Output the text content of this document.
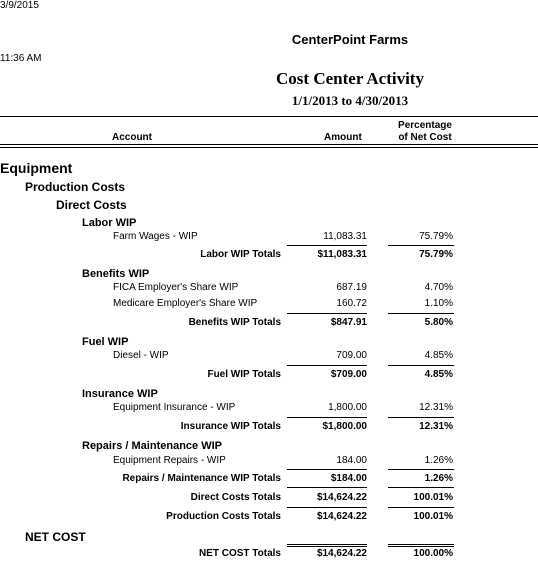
3/9/2015
11:36 AM
CenterPoint Farms
Cost Center Activity
1/1/2013 to 4/30/2013
Account	Amount
Percentage
of Net Cost
Equipment
Production Costs
Direct Costs
Labor WIP
Farm Wages - WIP	11,083.31	75.79%
Labor WIP Totals	$11,083.31	75.79%
Benefits WIP
FICA Employer's Share WIP	687.19	4.70%
Medicare Employer's Share WIP	160.72	1.10%
Benefits WIP Totals	$847.91	5.80%
Fuel WIP
Diesel - WIP	709.00	4.85%
Fuel WIP Totals	$709.00	4.85%
Insurance WIP
Equipment Insurance - WIP	1,800.00	12.31%
Insurance WIP Totals	$1,800.00	12.31%
Repairs / Maintenance WIP
Equipment Repairs - WIP	184.00	1.26%
Repairs / Maintenance WIP Totals	$184.00	1.26%
Direct Costs Totals	$14,624.22	100.01%
Production Costs Totals	$14,624.22	100.01%
NET COST
NET COST Totals	$14,624.22	100.00%
